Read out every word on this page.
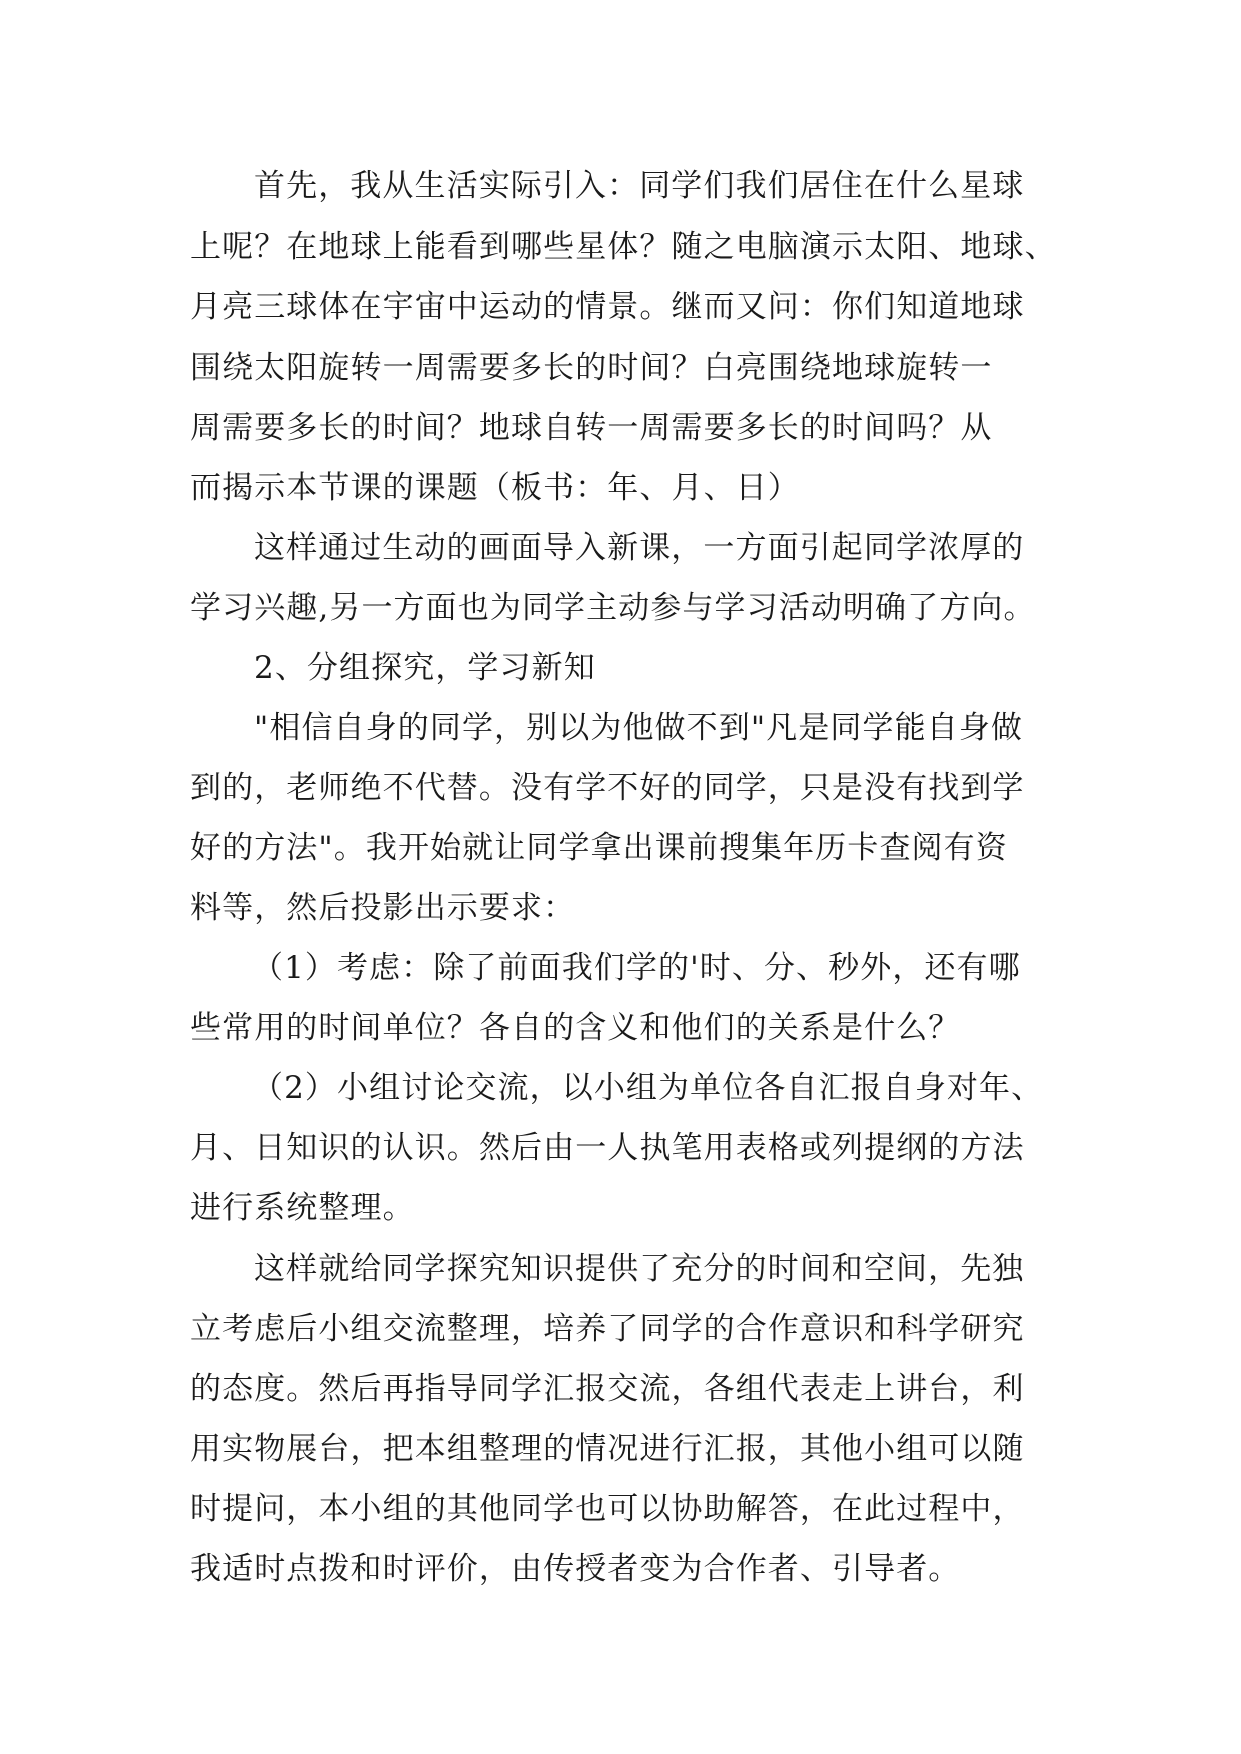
首先，我从生活实际引入：同学们我们居住在什么星球
上呢？在地球上能看到哪些星体？随之电脑演示太阳、地球、
月亮三球体在宇宙中运动的情景。继而又问：你们知道地球
围绕太阳旋转一周需要多长的时间？白亮围绕地球旋转一
周需要多长的时间？地球自转一周需要多长的时间吗？从
而揭示本节课的课题（板书：年、月、日）
这样通过生动的画面导入新课，一方面引起同学浓厚的
学习兴趣,另一方面也为同学主动参与学习活动明确了方向。
2、分组探究，学习新知
"相信自身的同学，别以为他做不到"凡是同学能自身做
到的，老师绝不代替。没有学不好的同学，只是没有找到学
好的方法"。我开始就让同学拿出课前搜集年历卡查阅有资
料等，然后投影出示要求：
（1）考虑：除了前面我们学的'时、分、秒外，还有哪
些常用的时间单位？各自的含义和他们的关系是什么？
（2）小组讨论交流，以小组为单位各自汇报自身对年、
月、日知识的认识。然后由一人执笔用表格或列提纲的方法
进行系统整理。
这样就给同学探究知识提供了充分的时间和空间，先独
立考虑后小组交流整理，培养了同学的合作意识和科学研究
的态度。然后再指导同学汇报交流，各组代表走上讲台，利
用实物展台，把本组整理的情况进行汇报，其他小组可以随
时提问，本小组的其他同学也可以协助解答，在此过程中，
我适时点拨和时评价，由传授者变为合作者、引导者。
